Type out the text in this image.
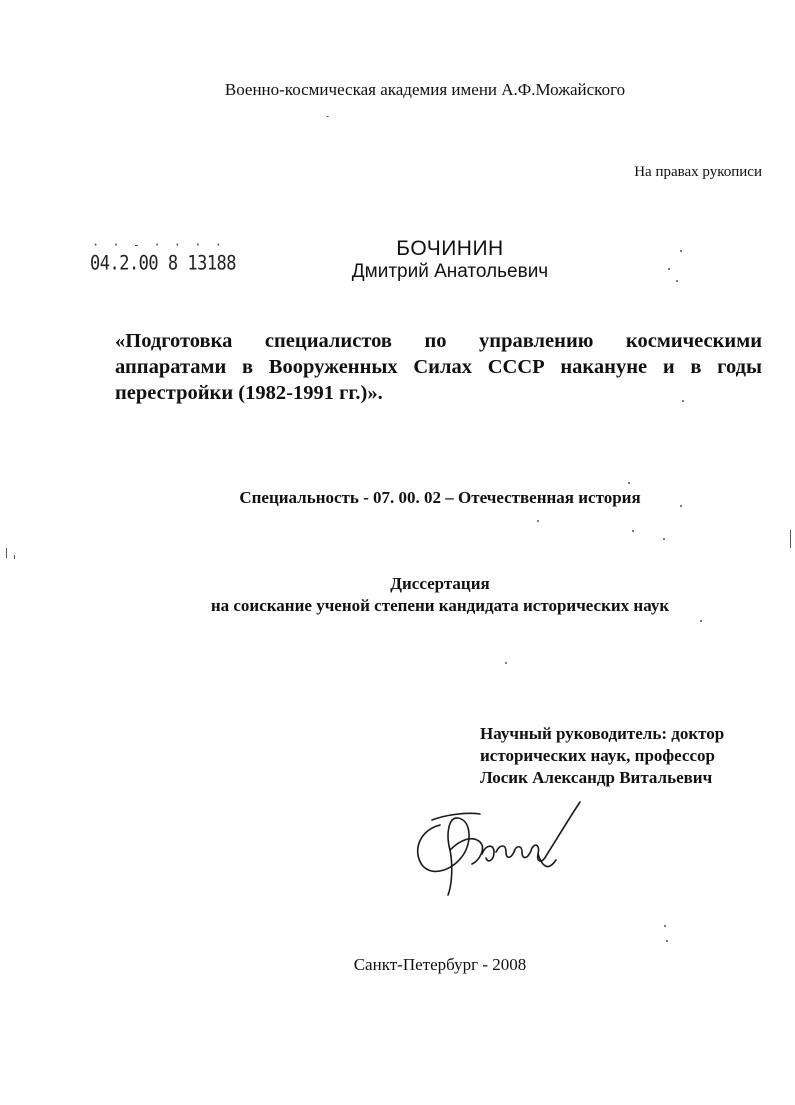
Военно-космическая академия имени А.Ф.Можайского
На правах рукописи
· · - · · · ·
04.2.00 8 13188
БОЧИНИН
Дмитрий Анатольевич
«Подготовка специалистов по управлению космическими аппаратами в Вооруженных Силах СССР накануне и в годы перестройки (1982-1991 гг.)».
Специальность - 07. 00. 02 – Отечественная история
Диссертация
на соискание ученой степени кандидата исторических наук
Научный руководитель: доктор
исторических наук, профессор
Лосик Александр Витальевич
Санкт-Петербург - 2008
